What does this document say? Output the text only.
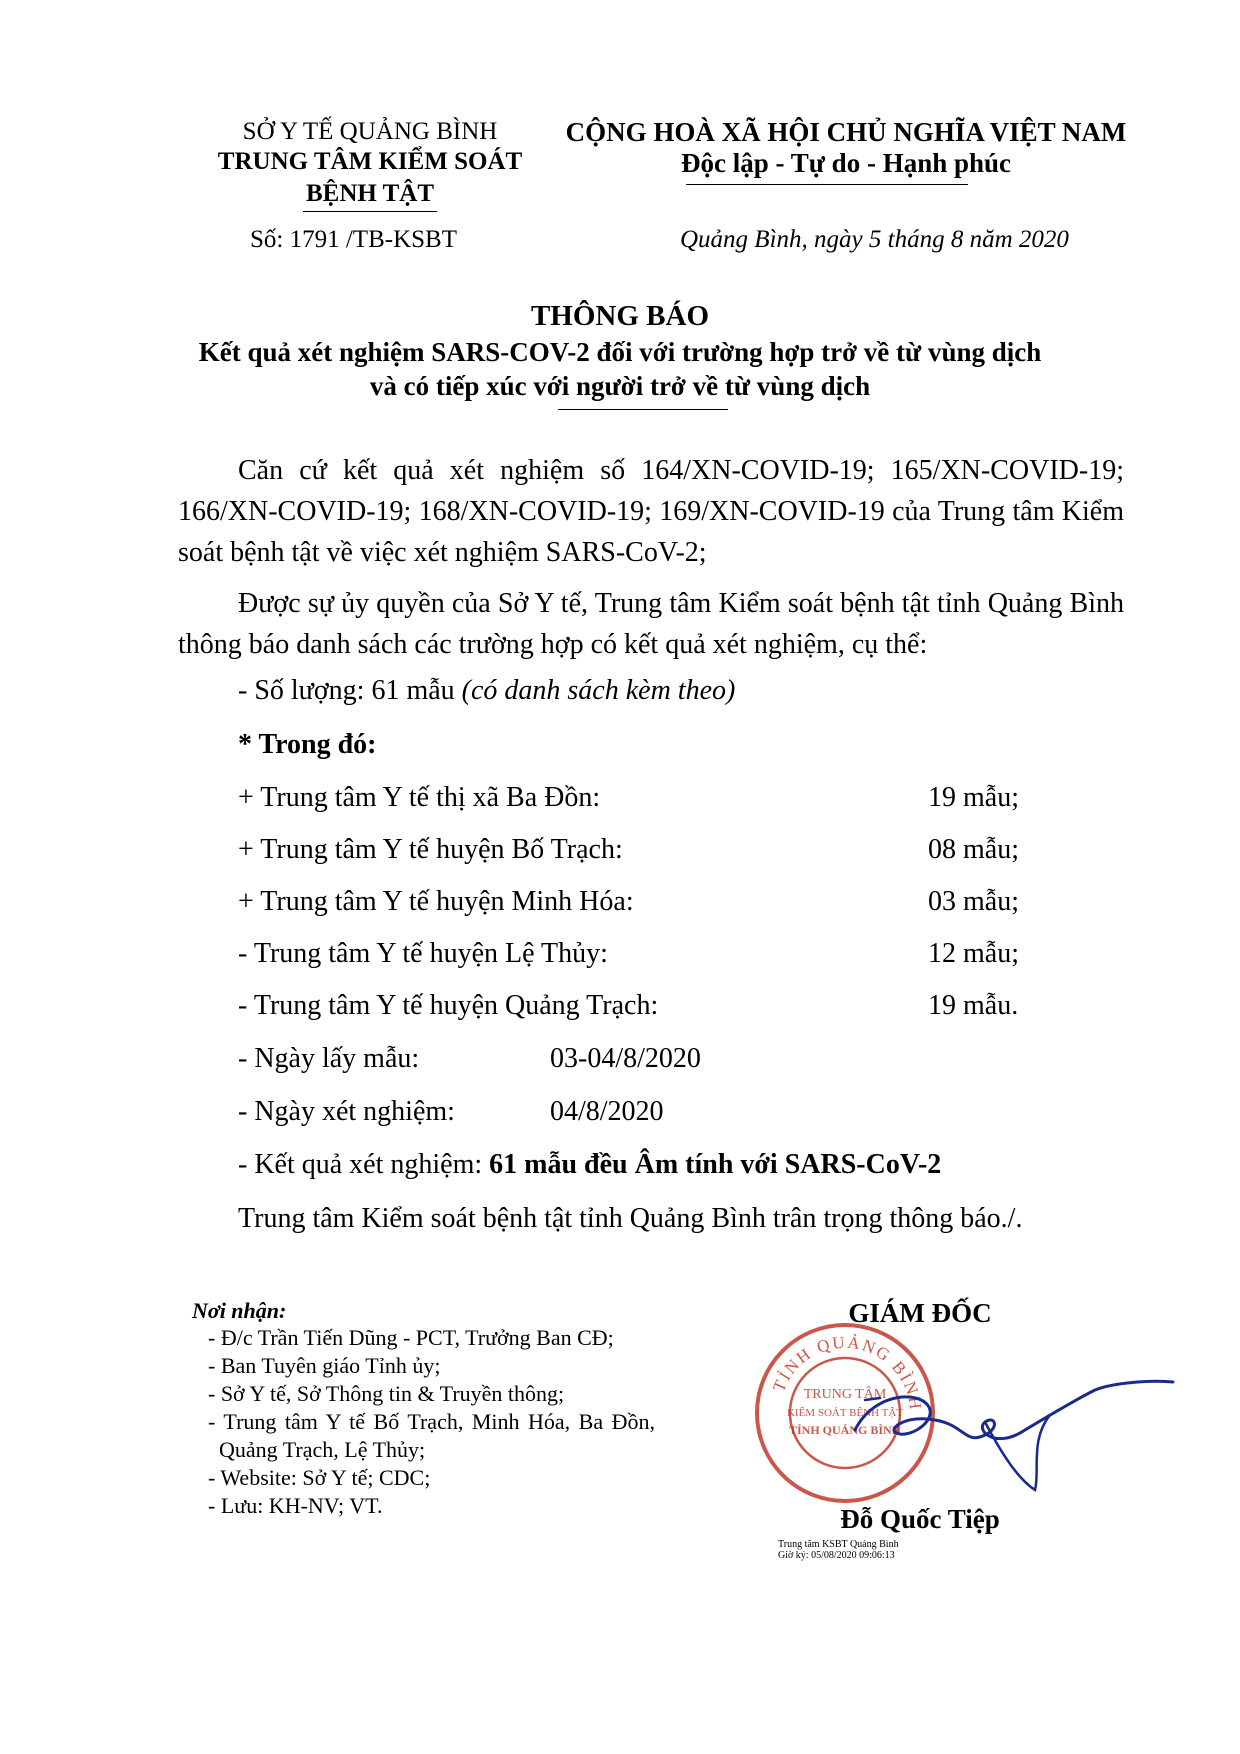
SỞ Y TẾ QUẢNG BÌNH
TRUNG TÂM KIỂM SOÁT
BỆNH TẬT
Số: 1791 /TB-KSBT
CỘNG HOÀ XÃ HỘI CHỦ NGHĨA VIỆT NAM
Độc lập - Tự do - Hạnh phúc
Quảng Bình, ngày 5 tháng 8 năm 2020
THÔNG BÁO
Kết quả xét nghiệm SARS-COV-2 đối với trường hợp trở về từ vùng dịch
và có tiếp xúc với người trở về từ vùng dịch
Căn cứ kết quả xét nghiệm số 164/XN-COVID-19; 165/XN-COVID-19; 166/XN-COVID-19; 168/XN-COVID-19; 169/XN-COVID-19 của Trung tâm Kiểm soát bệnh tật về việc xét nghiệm SARS-CoV-2;
Được sự ủy quyền của Sở Y tế, Trung tâm Kiểm soát bệnh tật tỉnh Quảng Bình thông báo danh sách các trường hợp có kết quả xét nghiệm, cụ thể:
- Số lượng: 61 mẫu (có danh sách kèm theo)
* Trong đó:
+ Trung tâm Y tế thị xã Ba Đồn:	19 mẫu;
+ Trung tâm Y tế huyện Bố Trạch:	08 mẫu;
+ Trung tâm Y tế huyện Minh Hóa:	03 mẫu;
- Trung tâm Y tế huyện Lệ Thủy:	12 mẫu;
- Trung tâm Y tế huyện Quảng Trạch:	19 mẫu.
- Ngày lấy mẫu:	03-04/8/2020
- Ngày xét nghiệm:	04/8/2020
- Kết quả xét nghiệm: 61 mẫu đều Âm tính với SARS-CoV-2
Trung tâm Kiểm soát bệnh tật tỉnh Quảng Bình trân trọng thông báo./.
Nơi nhận:
- Đ/c Trần Tiến Dũng - PCT, Trưởng Ban CĐ;
- Ban Tuyên giáo Tỉnh ủy;
- Sở Y tế, Sở Thông tin & Truyền thông;
- Trung tâm Y tế Bố Trạch, Minh Hóa, Ba Đồn,
Quảng Trạch, Lệ Thủy;
- Website: Sở Y tế; CDC;
- Lưu: KH-NV; VT.
GIÁM ĐỐC
TỈNH QUẢNG BÌNH
TRUNG TÂM
KIỂM SOÁT BỆNH TẬT
TỈNH QUẢNG BÌNH
Đỗ Quốc Tiệp
Trung tâm KSBT Quảng Bình
Giờ ký: 05/08/2020 09:06:13
